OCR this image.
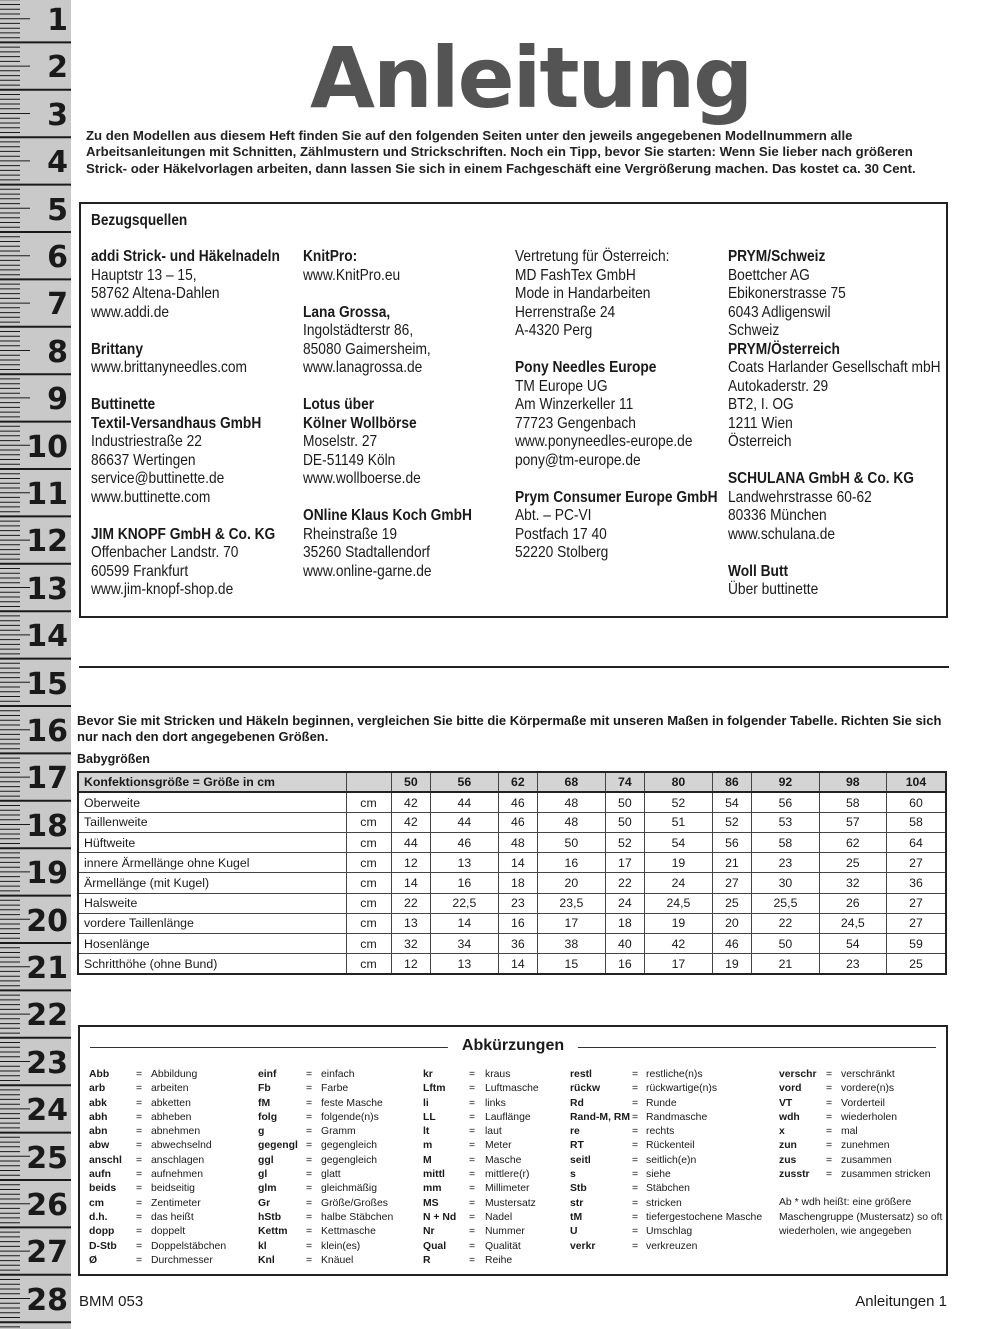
1
2
3
4
5
6
7
8
9
10
11
12
13
14
15
16
17
18
19
20
21
22
23
24
25
26
27
28
Anleitung
Zu den Modellen aus diesem Heft finden Sie auf den folgenden Seiten unter den jeweils angegebenen Modellnummern alle Arbeitsanleitungen mit Schnitten, Zählmustern und Strickschriften. Noch ein Tipp, bevor Sie starten: Wenn Sie lieber nach größeren Strick- oder Häkelvorlagen arbeiten, dann lassen Sie sich in einem Fachgeschäft eine Vergrößerung machen. Das kostet ca. 30 Cent.
Bezugsquellen
addi Strick- und Häkelnadeln
Hauptstr 13 – 15,
58762 Altena-Dahlen
www.addi.de
Brittany
www.brittanyneedles.com
Buttinette
Textil-Versandhaus GmbH
Industriestraße 22
86637 Wertingen
service@buttinette.de
www.buttinette.com
JIM KNOPF GmbH & Co. KG
Offenbacher Landstr. 70
60599 Frankfurt
www.jim-knopf-shop.de
KnitPro:
www.KnitPro.eu
Lana Grossa,
Ingolstädterstr 86,
85080 Gaimersheim,
www.lanagrossa.de
Lotus über
Kölner Wollbörse
Moselstr. 27
DE-51149 Köln
www.wollboerse.de
ONline Klaus Koch GmbH
Rheinstraße 19
35260 Stadtallendorf
www.online-garne.de
Vertretung für Österreich:
MD FashTex GmbH
Mode in Handarbeiten
Herrenstraße 24
A-4320 Perg
Pony Needles Europe
TM Europe UG
Am Winzerkeller 11
77723 Gengenbach
www.ponyneedles-europe.de
pony@tm-europe.de
Prym Consumer Europe GmbH
Abt. – PC-VI
Postfach 17 40
52220 Stolberg
PRYM/Schweiz
Boettcher AG
Ebikonerstrasse 75
6043 Adligenswil
Schweiz
PRYM/Österreich
Coats Harlander Gesellschaft mbH
Autokaderstr. 29
BT2, I. OG
1211 Wien
Österreich
SCHULANA GmbH & Co. KG
Landwehrstrasse 60-62
80336 München
www.schulana.de
Woll Butt
Über buttinette
Bevor Sie mit Stricken und Häkeln beginnen, vergleichen Sie bitte die Körpermaße mit unseren Maßen in folgender Tabelle. Richten Sie sich nur nach den dort angegebenen Größen.
Babygrößen
Konfektionsgröße = Größe in cm		50	56	62	68	74	80	86	92	98	104
Oberweite	cm	42	44	46	48	50	52	54	56	58	60
Taillenweite	cm	42	44	46	48	50	51	52	53	57	58
Hüftweite	cm	44	46	48	50	52	54	56	58	62	64
innere Ärmellänge ohne Kugel	cm	12	13	14	16	17	19	21	23	25	27
Ärmellänge (mit Kugel)	cm	14	16	18	20	22	24	27	30	32	36
Halsweite	cm	22	22,5	23	23,5	24	24,5	25	25,5	26	27
vordere Taillenlänge	cm	13	14	16	17	18	19	20	22	24,5	27
Hosenlänge	cm	32	34	36	38	40	42	46	50	54	59
Schritthöhe (ohne Bund)	cm	12	13	14	15	16	17	19	21	23	25
Abkürzungen
Abb	= Abbildung
arb	= arbeiten
abk	= abketten
abh	= abheben
abn	= abnehmen
abw	= abwechselnd
anschl = anschlagen
aufn = aufnehmen
beids = beidseitig
cm	= Zentimeter
d.h.	= das heißt
dopp = doppelt
D-Stb = Doppelstäbchen
Ø	= Durchmesser
einf	= einfach
Fb	= Farbe
fM	= feste Masche
folg	= folgende(n)s
g	= Gramm
gegengl = gegengleich
ggl	= gegengleich
gl	= glatt
glm	= gleichmäßig
Gr	= Größe/Großes
hStb = halbe Stäbchen
Kettm = Kettmasche
kl	= klein(es)
Knl	= Knäuel
kr	= kraus
Lftm = Luftmasche
li	= links
LL	= Lauflänge
lt	= laut
m	= Meter
M	= Masche
mittl = mittlere(r)
mm	= Millimeter
MS	= Mustersatz
N + Nd = Nadel
Nr	= Nummer
Qual = Qualität
R	= Reihe
restl	= restliche(n)s
rückw	= rückwartige(n)s
Rd	= Runde
Rand-M, RM = Randmasche
re	= rechts
RT	= Rückenteil
seitl	= seitlich(e)n
s	= siehe
Stb	= Stäbchen
str	= stricken
tM	= tiefergestochene Masche
U	= Umschlag
verkr	= verkreuzen
verschr = verschränkt
vord = vordere(n)s
VT	= Vorderteil
wdh	= wiederholen
x	= mal
zun	= zunehmen
zus	= zusammen
zusstr = zusammen stricken
Ab * wdh heißt: eine größere Maschengruppe (Mustersatz) so oft wiederholen, wie angegeben
BMM 053	Anleitungen 1
